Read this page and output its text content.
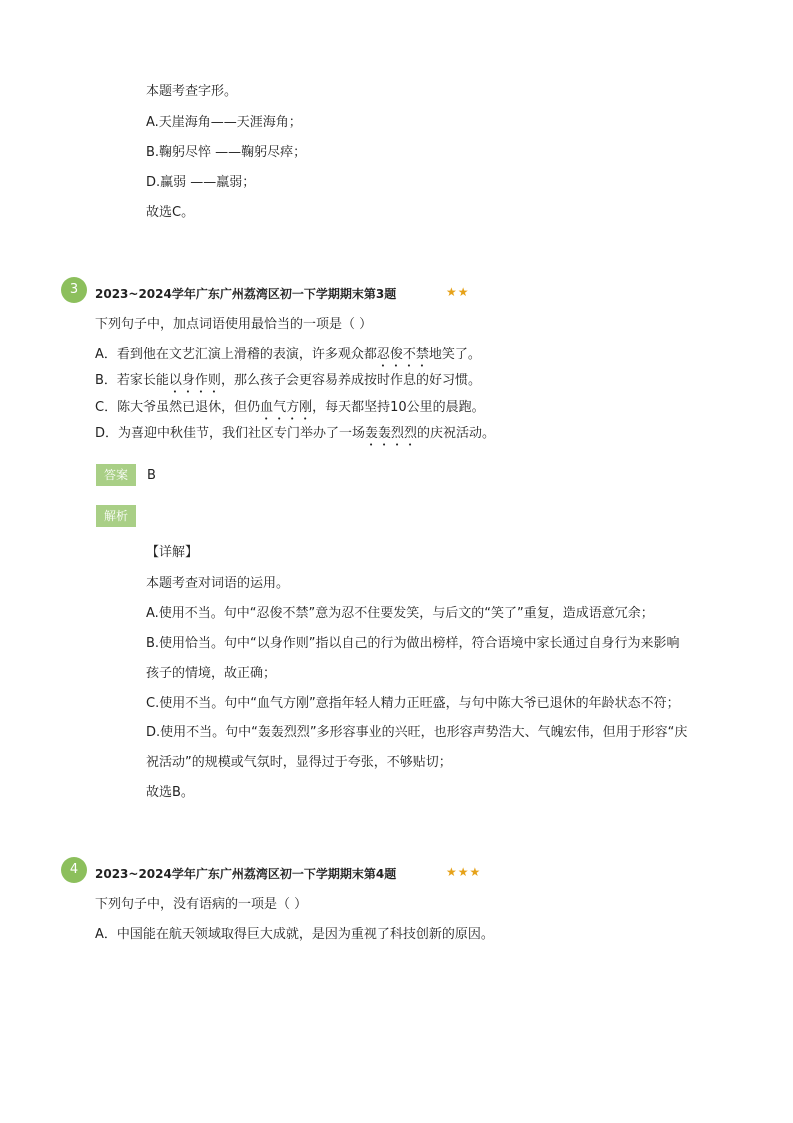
本题考查字形。
A.天崖海角——天涯海角；
B.鞠躬尽悴 ——鞠躬尽瘁；
D.赢弱 ——羸弱；
故选C。
3	2023~2024学年广东广州荔湾区初一下学期期末第3题	★★
下列句子中，加点词语使用最恰当的一项是（ ）
A．看到他在文艺汇演上滑稽的表演，许多观众都忍俊不禁地笑了。
B．若家长能以身作则，那么孩子会更容易养成按时作息的好习惯。
C．陈大爷虽然已退休，但仍血气方刚，每天都坚持10公里的晨跑。
D．为喜迎中秋佳节，我们社区专门举办了一场轰轰烈烈的庆祝活动。
答案	B
解析
【详解】
本题考查对词语的运用。
A.使用不当。句中“忍俊不禁”意为忍不住要发笑，与后文的“笑了”重复，造成语意冗余；
B.使用恰当。句中“以身作则”指以自己的行为做出榜样，符合语境中家长通过自身行为来影响
孩子的情境，故正确；
C.使用不当。句中“血气方刚”意指年轻人精力正旺盛，与句中陈大爷已退休的年龄状态不符；
D.使用不当。句中“轰轰烈烈”多形容事业的兴旺，也形容声势浩大、气魄宏伟，但用于形容“庆
祝活动”的规模或气氛时，显得过于夸张，不够贴切；
故选B。
4	2023~2024学年广东广州荔湾区初一下学期期末第4题	★★★
下列句子中，没有语病的一项是（ ）
A．中国能在航天领域取得巨大成就，是因为重视了科技创新的原因。
